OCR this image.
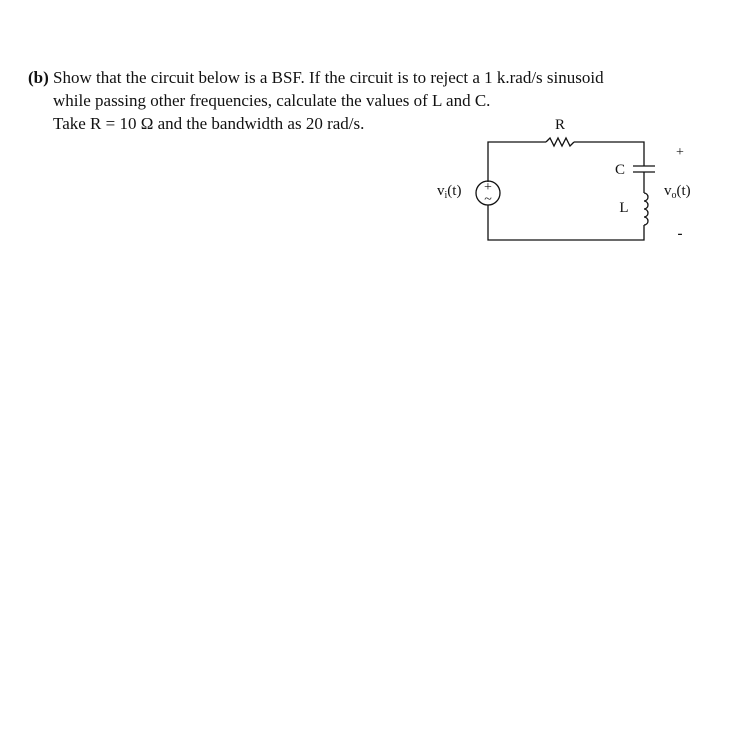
(b) Show that the circuit below is a BSF. If the circuit is to reject a 1 k.rad/s sinusoid
while passing other frequencies, calculate the values of L and C.
Take R = 10 Ω and the bandwidth as 20 rad/s.
+
~
R
C
L
$v_i(t)$
+
$v_o(t)$
-
